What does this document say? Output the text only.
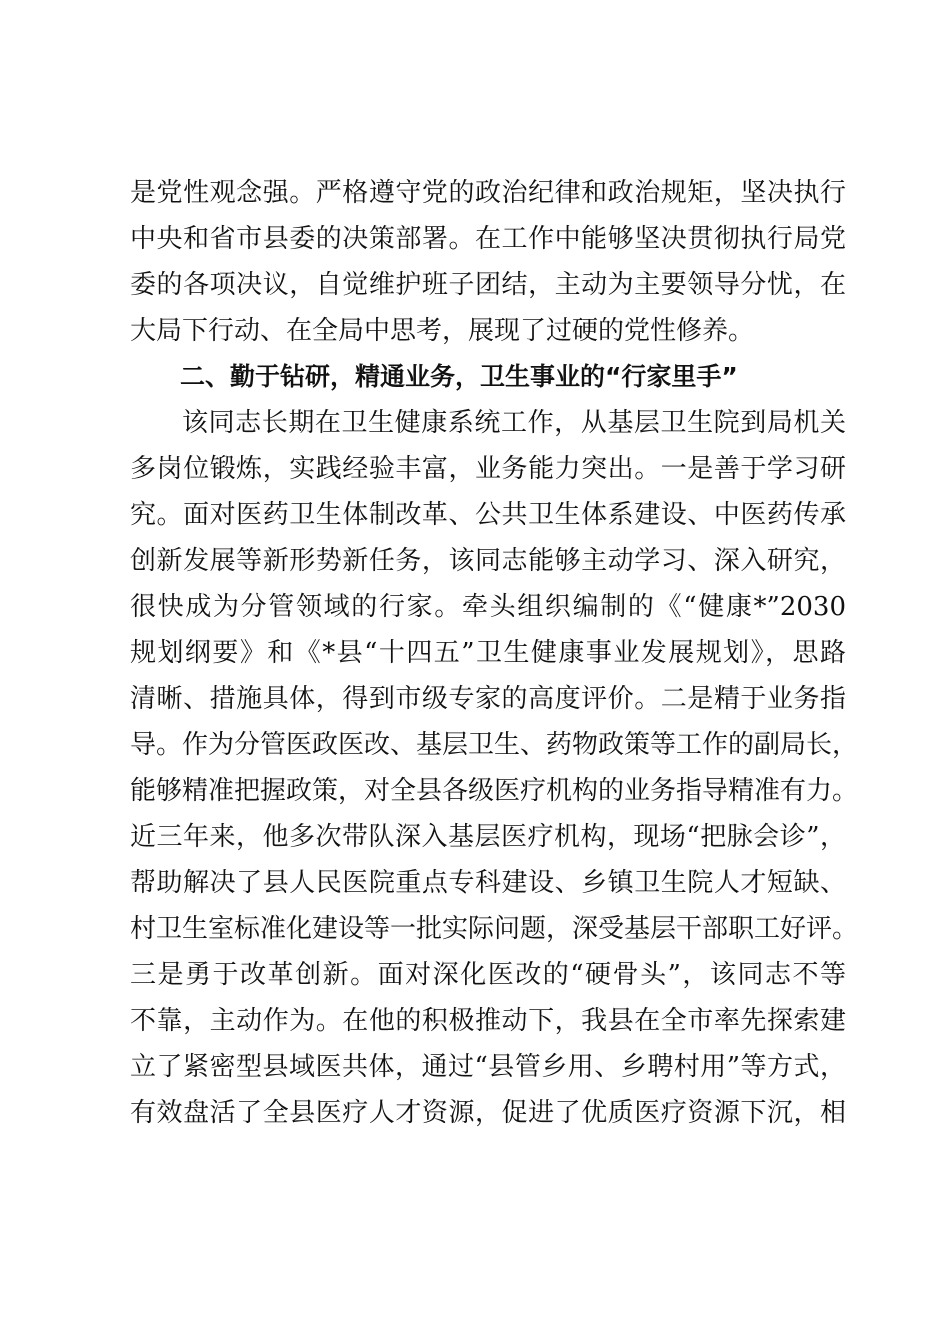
是党性观念强。严格遵守党的政治纪律和政治规矩，坚决执行
中央和省市县委的决策部署。在工作中能够坚决贯彻执行局党
委的各项决议，自觉维护班子团结，主动为主要领导分忧，在
大局下行动、在全局中思考，展现了过硬的党性修养。
二、勤于钻研，精通业务，卫生事业的“行家里手”
该同志长期在卫生健康系统工作，从基层卫生院到局机关
多岗位锻炼，实践经验丰富，业务能力突出。一是善于学习研
究。面对医药卫生体制改革、公共卫生体系建设、中医药传承
创新发展等新形势新任务，该同志能够主动学习、深入研究，
很快成为分管领域的行家。牵头组织编制的《“健康*”2030
规划纲要》和《*县“十四五”卫生健康事业发展规划》，思路
清晰、措施具体，得到市级专家的高度评价。二是精于业务指
导。作为分管医政医改、基层卫生、药物政策等工作的副局长，
能够精准把握政策，对全县各级医疗机构的业务指导精准有力。
近三年来，他多次带队深入基层医疗机构，现场“把脉会诊”，
帮助解决了县人民医院重点专科建设、乡镇卫生院人才短缺、
村卫生室标准化建设等一批实际问题，深受基层干部职工好评。
三是勇于改革创新。面对深化医改的“硬骨头”，该同志不等
不靠，主动作为。在他的积极推动下，我县在全市率先探索建
立了紧密型县域医共体，通过“县管乡用、乡聘村用”等方式，
有效盘活了全县医疗人才资源，促进了优质医疗资源下沉，相
